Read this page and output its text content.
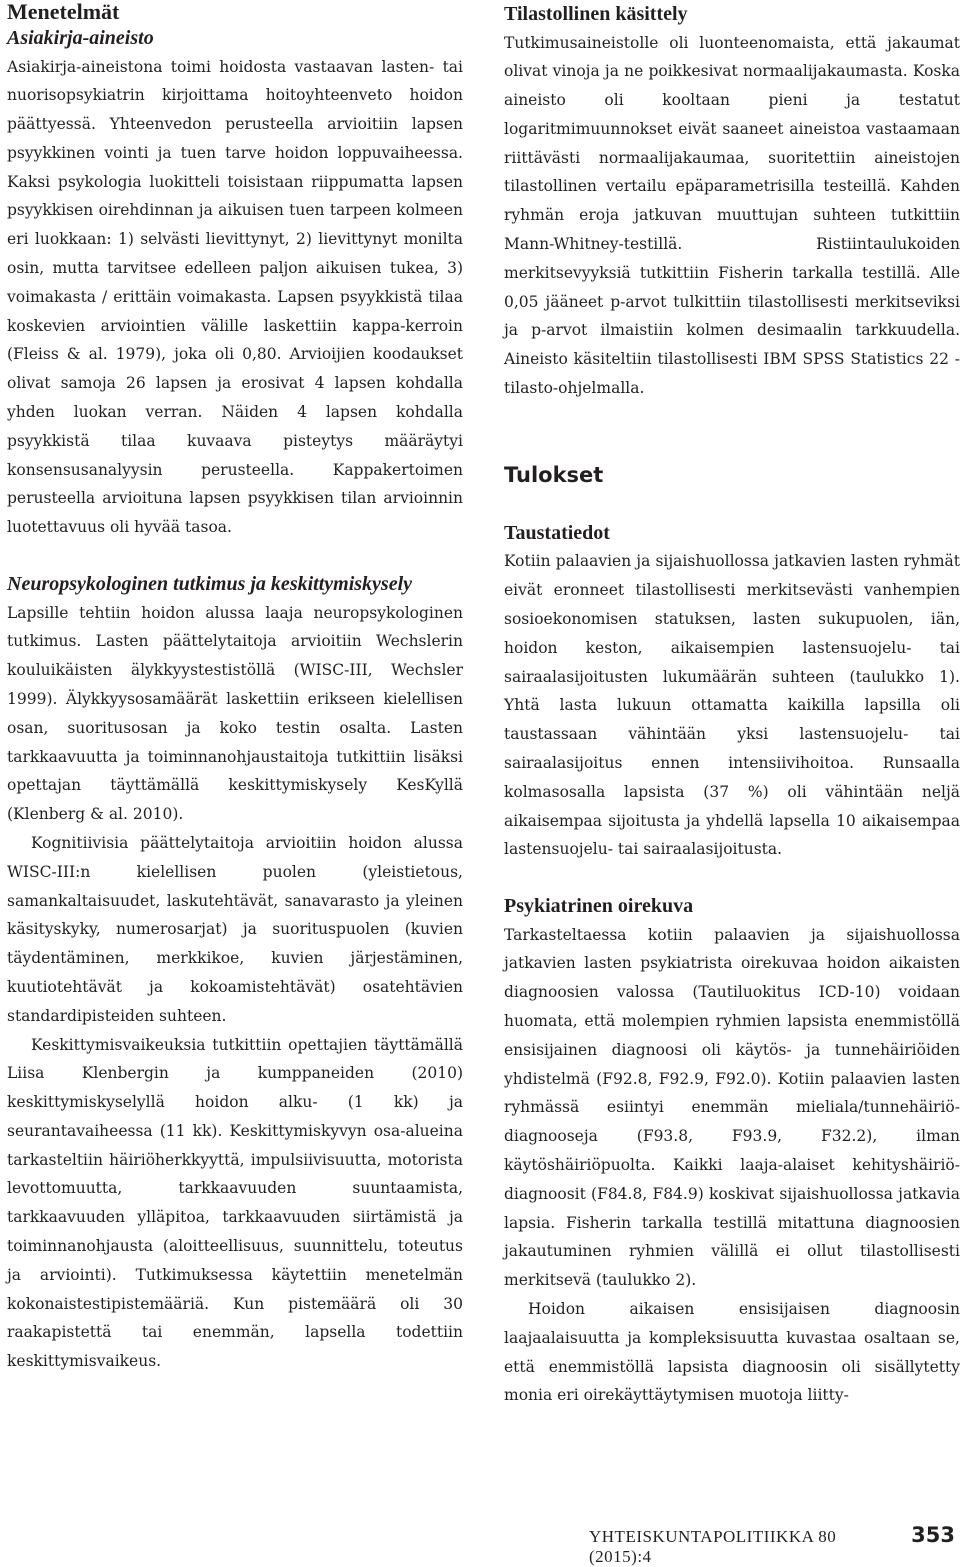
Menetelmät
Asiakirja-aineisto

Asiakirja-aineistona toimi hoidosta vastaavan lasten- tai nuorisopsykiatrin kirjoittama hoitoyhteenveto hoidon päättyessä. Yhteenvedon perusteella arvioitiin lapsen psyykkinen vointi ja tuen tarve hoidon loppuvaiheessa. Kaksi psykologia luokitteli toisistaan riippumatta lapsen psyykkisen oirehdinnan ja aikuisen tuen tarpeen kolmeen eri luokkaan: 1) selvästi lievittynyt, 2) lievittynyt monilta osin, mutta tarvitsee edelleen paljon aikuisen tukea, 3) voimakasta / erittäin voimakasta. Lapsen psyykkistä tilaa koskevien arviointien välille laskettiin kappa-kerroin (Fleiss & al. 1979), joka oli 0,80. Arvioijien koodaukset olivat samoja 26 lapsen ja erosivat 4 lapsen kohdalla yhden luokan verran. Näiden 4 lapsen kohdalla psyykkistä tilaa kuvaava pisteytys määräytyi konsensusanalyysin perusteella. Kappakertoimen perusteella arvioituna lapsen psyykkisen tilan arvioinnin luotettavuus oli hyvää tasoa.

Neuropsykologinen tutkimus ja keskittymiskysely

Lapsille tehtiin hoidon alussa laaja neuropsykologinen tutkimus. Lasten päättelytaitoja arvioitiin Wechslerin kouluikäisten älykkyystestistöllä (WISC-III, Wechsler 1999). Älykkyysosamäärät laskettiin erikseen kielellisen osan, suoritusosan ja koko testin osalta. Lasten tarkkaavuutta ja toiminnanohjaustaitoja tutkittiin lisäksi opettajan täyttämällä keskittymiskysely KesKyllä (Klenberg & al. 2010).

Kognitiivisia päättelytaitoja arvioitiin hoidon alussa WISC-III:n kielellisen puolen (yleistietous, samankaltaisuudet, laskutehtävät, sanavarasto ja yleinen käsityskyky, numerosarjat) ja suorituspuolen (kuvien täydentäminen, merkkikoe, kuvien järjestäminen, kuutiotehtävät ja kokoamistehtävät) osatehtävien standardipisteiden suhteen.

Keskittymisvaikeuksia tutkittiin opettajien täyttämällä Liisa Klenbergin ja kumppaneiden (2010) keskittymiskyselyllä hoidon alku- (1 kk) ja seurantavaiheessa (11 kk). Keskittymiskyvyn osa-alueina tarkasteltiin häiriöherkkyyttä, impulsiivisuutta, motorista levottomuutta, tarkkaavuuden suuntaamista, tarkkaavuuden ylläpitoa, tarkkaavuuden siirtämistä ja toiminnanohjausta (aloitteellisuus, suunnittelu, toteutus ja arviointi). Tutkimuksessa käytettiin menetelmän kokonaistestipistemääriä. Kun pistemäärä oli 30 raakapistettä tai enemmän, lapsella todettiin keskittymisvaikeus.

Tilastollinen käsittely

Tutkimusaineistolle oli luonteenomaista, että jakaumat olivat vinoja ja ne poikkesivat normaalijakaumasta. Koska aineisto oli kooltaan pieni ja testatut logaritmimuunnokset eivät saaneet aineistoa vastaamaan riittävästi normaalijakaumaa, suoritettiin aineistojen tilastollinen vertailu epäparametrisilla testeillä. Kahden ryhmän eroja jatkuvan muuttujan suhteen tutkittiin Mann-Whitney-testillä. Ristiintaulukoiden merkitsevyyksiä tutkittiin Fisherin tarkalla testillä. Alle 0,05 jääneet p-arvot tulkittiin tilastollisesti merkitseviksi ja p-arvot ilmaistiin kolmen desimaalin tarkkuudella. Aineisto käsiteltiin tilastollisesti IBM SPSS Statistics 22 -tilasto-ohjelmalla.

Tulokset
Taustatiedot

Kotiin palaavien ja sijaishuollossa jatkavien lasten ryhmät eivät eronneet tilastollisesti merkitsevästi vanhempien sosioekonomisen statuksen, lasten sukupuolen, iän, hoidon keston, aikaisempien lastensuojelu- tai sairaalasijoitusten lukumäärän suhteen (taulukko 1). Yhtä lasta lukuun ottamatta kaikilla lapsilla oli taustassaan vähintään yksi lastensuojelu- tai sairaalasijoitus ennen intensiivihoitoa. Runsaalla kolmasosalla lapsista (37 %) oli vähintään neljä aikaisempaa sijoitusta ja yhdellä lapsella 10 aikaisempaa lastensuojelu- tai sairaalasijoitusta.

Psykiatrinen oirekuva

Tarkasteltaessa kotiin palaavien ja sijaishuollossa jatkavien lasten psykiatrista oirekuvaa hoidon aikaisten diagnoosien valossa (Tautiluokitus ICD-10) voidaan huomata, että molempien ryhmien lapsista enemmistöllä ensisijainen diagnoosi oli käytös- ja tunnehäiriöiden yhdistelmä (F92.8, F92.9, F92.0). Kotiin palaavien lasten ryhmässä esiintyi enemmän mieliala/tunnehäiriö-diagnooseja (F93.8, F93.9, F32.2), ilman käytöshäiriöpuolta. Kaikki laaja-alaiset kehityshäiriö-diagnoosit (F84.8, F84.9) koskivat sijaishuollossa jatkavia lapsia. Fisherin tarkalla testillä mitattuna diagnoosien jakautuminen ryhmien välillä ei ollut tilastollisesti merkitsevä (taulukko 2).

Hoidon aikaisen ensisijaisen diagnoosin laajaalaisuutta ja kompleksisuutta kuvastaa osaltaan se, että enemmistöllä lapsista diagnoosin oli sisällytetty monia eri oirekäyttäytymisen muotoja liitty-

YHTEISKUNTAPOLITIIKKA 80 (2015):4
353
